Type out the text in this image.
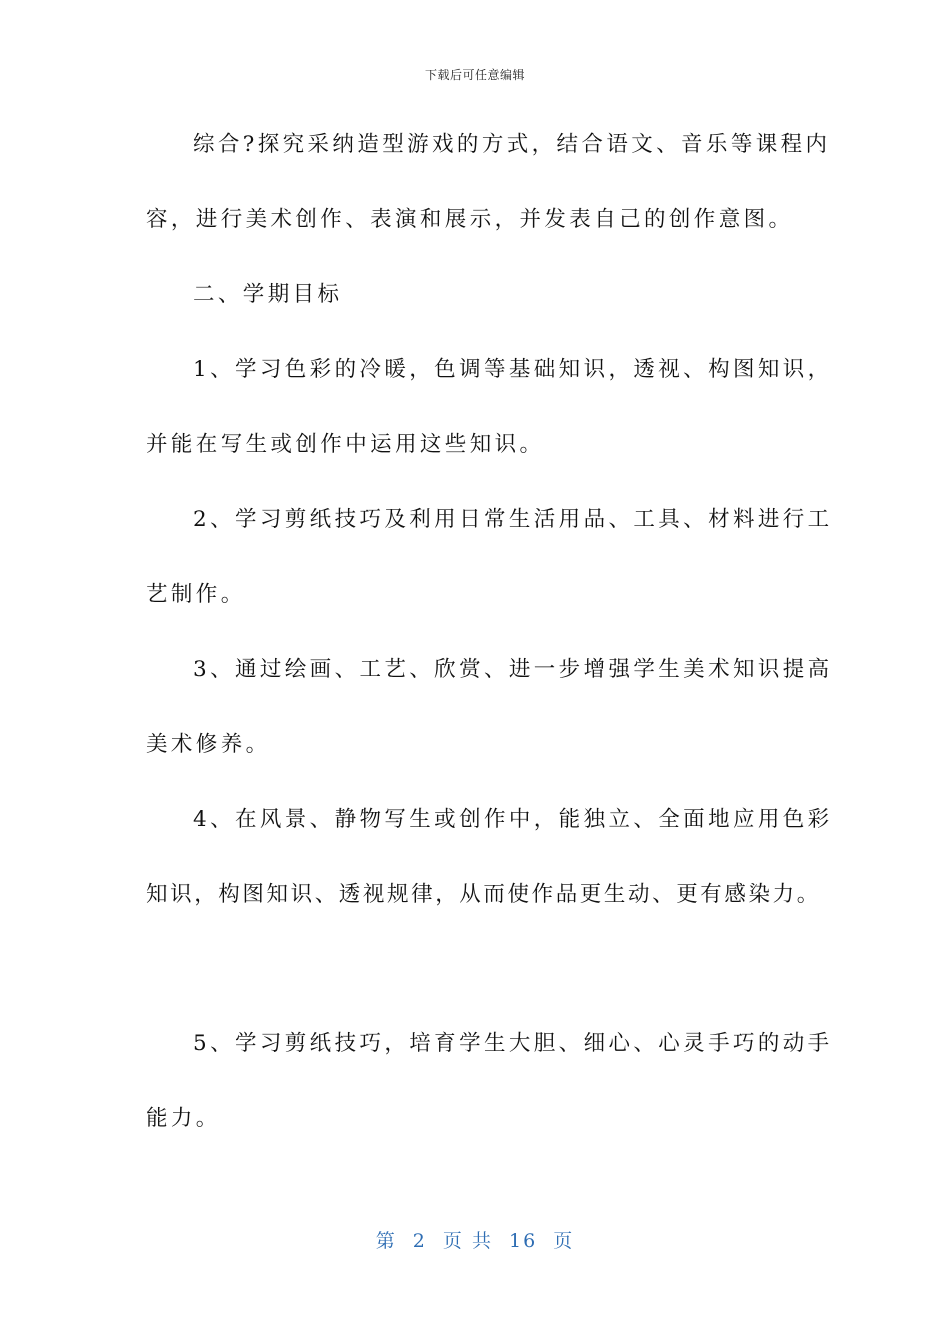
下载后可任意编辑
综合?探究采纳造型游戏的方式，结合语文、音乐等课程内
容，进行美术创作、表演和展示，并发表自己的创作意图。
二、学期目标
1、学习色彩的冷暖，色调等基础知识，透视、构图知识，
并能在写生或创作中运用这些知识。
2、学习剪纸技巧及利用日常生活用品、工具、材料进行工
艺制作。
3、通过绘画、工艺、欣赏、进一步增强学生美术知识提高
美术修养。
4、在风景、静物写生或创作中，能独立、全面地应用色彩
知识，构图知识、透视规律，从而使作品更生动、更有感染力。
5、学习剪纸技巧，培育学生大胆、细心、心灵手巧的动手
能力。
第 2 页 共 16 页
